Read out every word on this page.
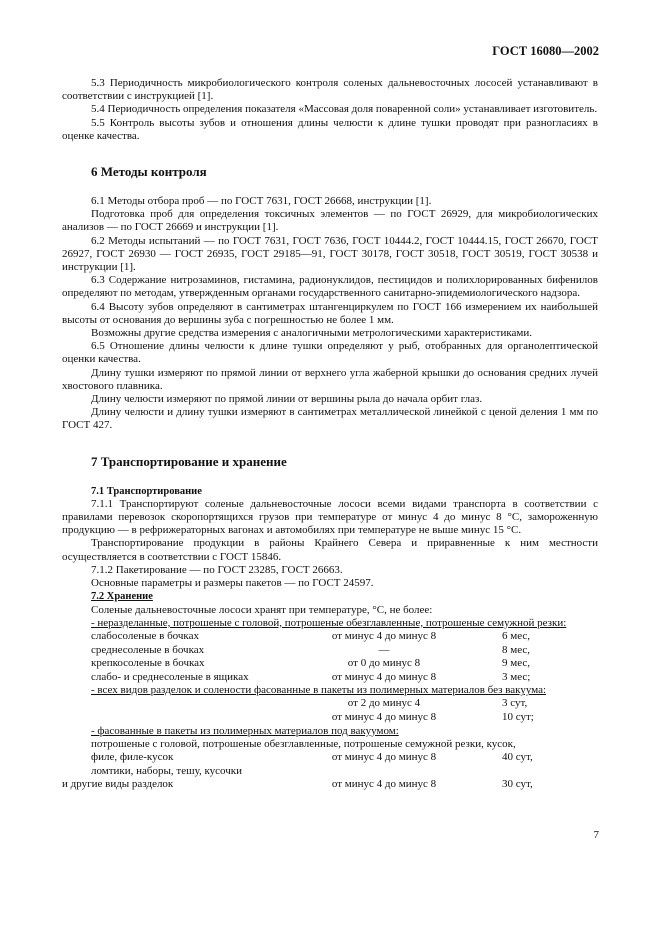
ГОСТ 16080—2002

5.3 Периодичность микробиологического контроля соленых дальневосточных лососей устанавливают в соответствии с инструкцией [1].

5.4 Периодичность определения показателя «Массовая доля поваренной соли» устанавливает изготовитель.

5.5 Контроль высоты зубов и отношения длины челюсти к длине тушки проводят при разногласиях в оценке качества.

6 Методы контроля

6.1 Методы отбора проб — по ГОСТ 7631, ГОСТ 26668, инструкции [1].

Подготовка проб для определения токсичных элементов — по ГОСТ 26929, для микробиологических анализов — по ГОСТ 26669 и инструкции [1].

6.2 Методы испытаний — по ГОСТ 7631, ГОСТ 7636, ГОСТ 10444.2, ГОСТ 10444.15, ГОСТ 26670, ГОСТ 26927, ГОСТ 26930 — ГОСТ 26935, ГОСТ 29185—91, ГОСТ 30178, ГОСТ 30518, ГОСТ 30519, ГОСТ 30538 и инструкции [1].

6.3 Содержание нитрозаминов, гистамина, радионуклидов, пестицидов и полихлорированных бифенилов определяют по методам, утвержденным органами государственного санитарно-эпидемиологического надзора.

6.4 Высоту зубов определяют в сантиметрах штангенциркулем по ГОСТ 166 измерением их наибольшей высоты от основания до вершины зуба с погрешностью не более 1 мм.

Возможны другие средства измерения с аналогичными метрологическими характеристиками.

6.5 Отношение длины челюсти к длине тушки определяют у рыб, отобранных для органолептической оценки качества.

Длину тушки измеряют по прямой линии от верхнего угла жаберной крышки до основания средних лучей хвостового плавника.

Длину челюсти измеряют по прямой линии от вершины рыла до начала орбит глаз.

Длину челюсти и длину тушки измеряют в сантиметрах металлической линейкой с ценой деления 1 мм по ГОСТ 427.

7 Транспортирование и хранение
7.1 Транспортирование

7.1.1 Транспортируют соленые дальневосточные лососи всеми видами транспорта в соответствии с правилами перевозок скоропортящихся грузов при температуре от минус 4 до минус 8 °С, замороженную продукцию — в рефрижераторных вагонах и автомобилях при температуре не выше минус 15 °С.

Транспортирование продукции в районы Крайнего Севера и приравненные к ним местности осуществляется в соответствии с ГОСТ 15846.

7.1.2 Пакетирование — по ГОСТ 23285, ГОСТ 26663.

Основные параметры и размеры пакетов — по ГОСТ 24597.

7.2 Хранение

Соленые дальневосточные лососи хранят при температуре, °С, не более:

- неразделанные, потрошеные с головой, потрошеные обезглавленные, потрошеные семужной резки:

слабосоленые в бочках	от минус 4 до минус 8	6 мес,
среднесоленые в бочках	—	8 мес,
крепкосоленые в бочках	от 0 до минус 8	9 мес,
слабо- и среднесоленые в ящиках	от минус 4 до минус 8	3 мес;

- всех видов разделок и солености фасованные в пакеты из полимерных материалов без вакуума:

от 2 до минус 4	3 сут,
от минус 4 до минус 8	10 сут;

- фасованные в пакеты из полимерных материалов под вакуумом:

потрошеные с головой, потрошеные обезглавленные, потрошеные семужной резки, кусок,

филе, филе-кусок	от минус 4 до минус 8	40 сут,
ломтики, наборы, тешу, кусочки
и другие виды разделок	от минус 4 до минус 8	30 сут,
7
